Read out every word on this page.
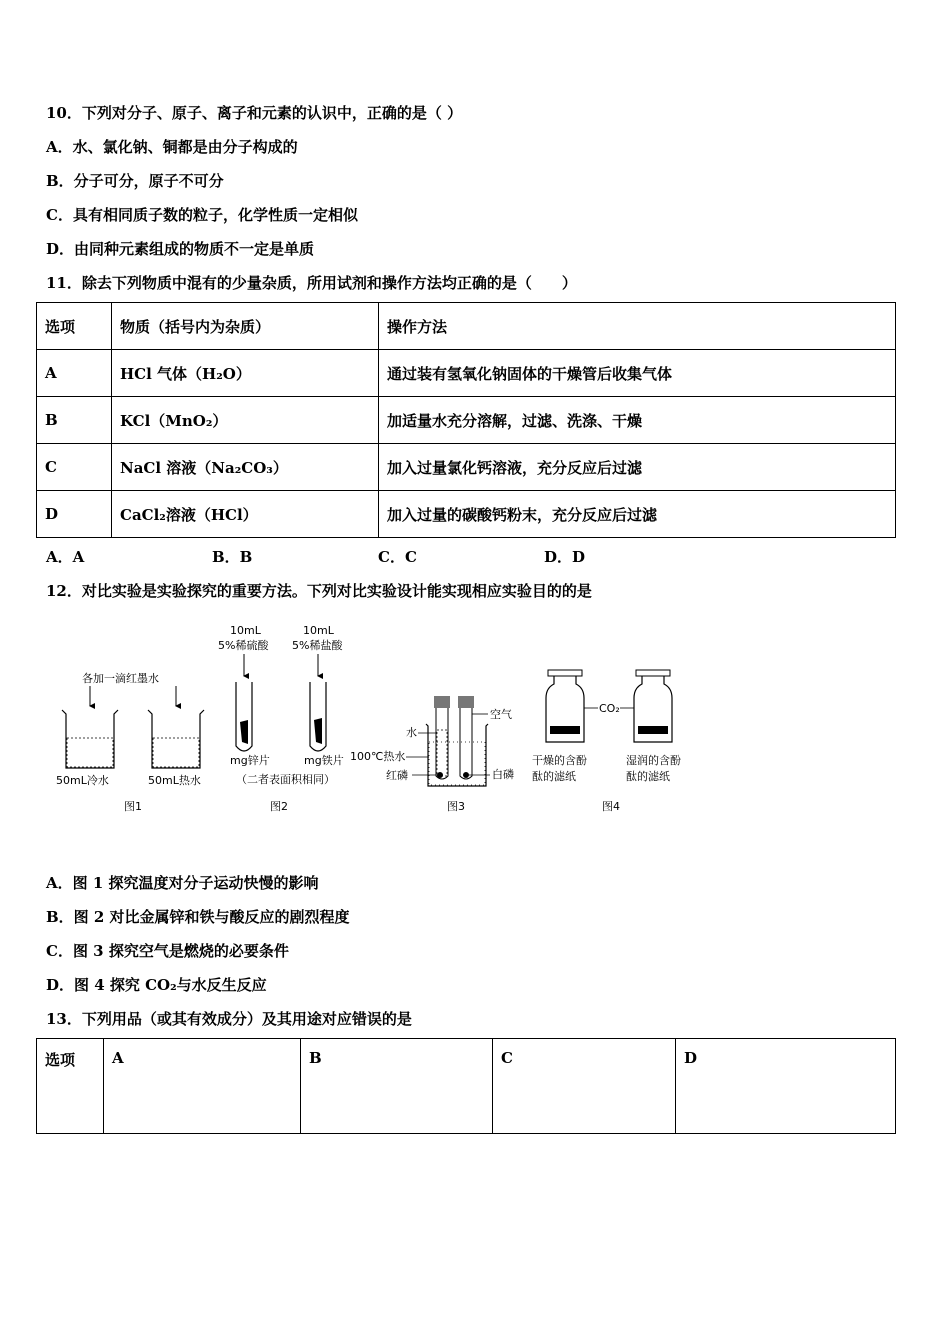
10．下列对分子、原子、离子和元素的认识中，正确的是（ ）
A．水、氯化钠、铜都是由分子构成的
B．分子可分，原子不可分
C．具有相同质子数的粒子，化学性质一定相似
D．由同种元素组成的物质不一定是单质
11．除去下列物质中混有的少量杂质，所用试剂和操作方法均正确的是（　　）
选项	物质（括号内为杂质）	操作方法
A	HCl 气体（H₂O）	通过装有氢氧化钠固体的干燥管后收集气体
B	KCl（MnO₂）	加适量水充分溶解，过滤、洗涤、干燥
C	NaCl 溶液（Na₂CO₃）	加入过量氯化钙溶液，充分反应后过滤
D	CaCl₂溶液（HCl）	加入过量的碳酸钙粉末，充分反应后过滤
A．A	B．B	C．C	D．D
12．对比实验是实验探究的重要方法。下列对比实验设计能实现相应实验目的的是
各加一滴红墨水
50mL冷水	50mL热水
图1
10mL
5%稀硫酸
10mL
5%稀盐酸
mg锌片	mg铁片
（二者表面积相同）
图2
空气
水
100℃热水
红磷	白磷
图3
CO₂
干燥的含酚
酞的滤纸
湿润的含酚
酞的滤纸
图4
A．图 1 探究温度对分子运动快慢的影响
B．图 2 对比金属锌和铁与酸反应的剧烈程度
C．图 3 探究空气是燃烧的必要条件
D．图 4 探究 CO₂与水反生反应
13．下列用品（或其有效成分）及其用途对应错误的是
选项	A	B	C	D
